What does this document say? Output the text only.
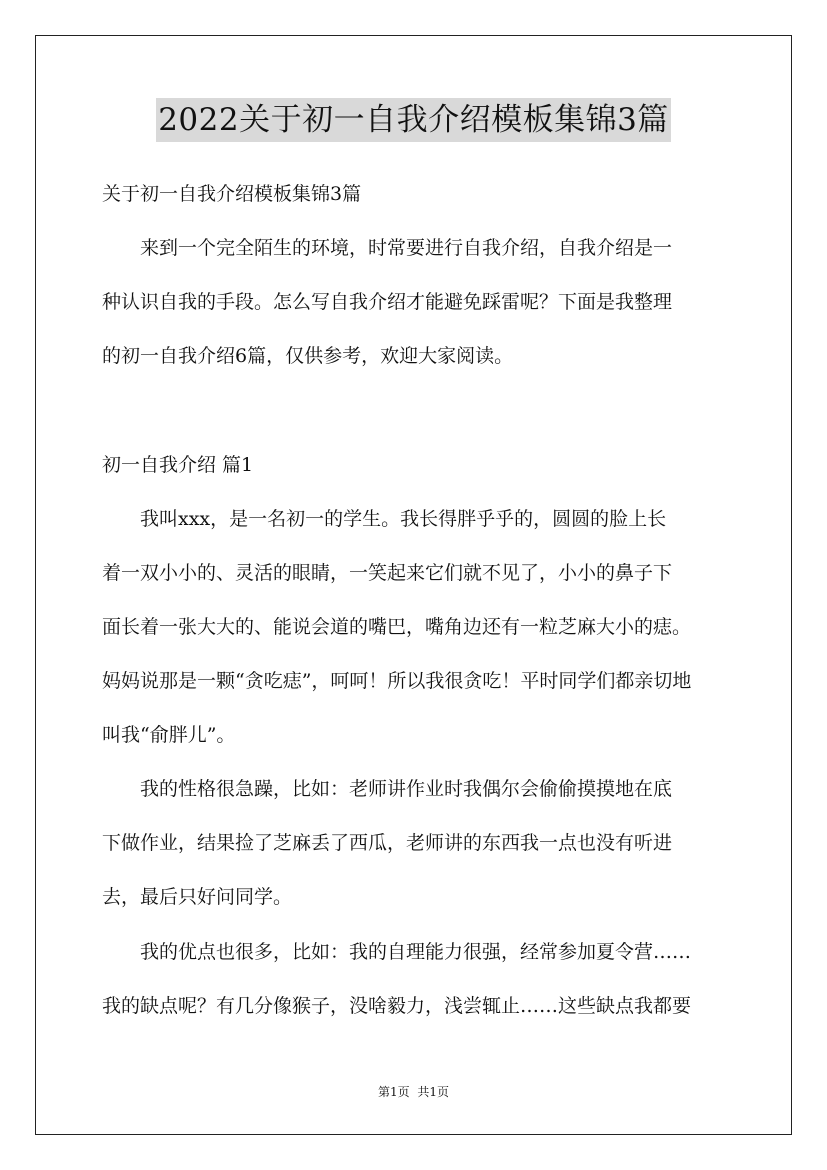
2022关于初一自我介绍模板集锦3篇
关于初一自我介绍模板集锦3篇
来到一个完全陌生的环境，时常要进行自我介绍，自我介绍是一
种认识自我的手段。怎么写自我介绍才能避免踩雷呢？下面是我整理
的初一自我介绍6篇，仅供参考，欢迎大家阅读。
初一自我介绍 篇1
我叫xxx，是一名初一的学生。我长得胖乎乎的，圆圆的脸上长
着一双小小的、灵活的眼睛，一笑起来它们就不见了，小小的鼻子下
面长着一张大大的、能说会道的嘴巴，嘴角边还有一粒芝麻大小的痣。
妈妈说那是一颗“贪吃痣”，呵呵！所以我很贪吃！平时同学们都亲切地
叫我“俞胖儿”。
我的性格很急躁，比如：老师讲作业时我偶尔会偷偷摸摸地在底
下做作业，结果捡了芝麻丢了西瓜，老师讲的东西我一点也没有听进
去，最后只好问同学。
我的优点也很多，比如：我的自理能力很强，经常参加夏令营……
我的缺点呢？有几分像猴子，没啥毅力，浅尝辄止……这些缺点我都要
第1页 共1页
